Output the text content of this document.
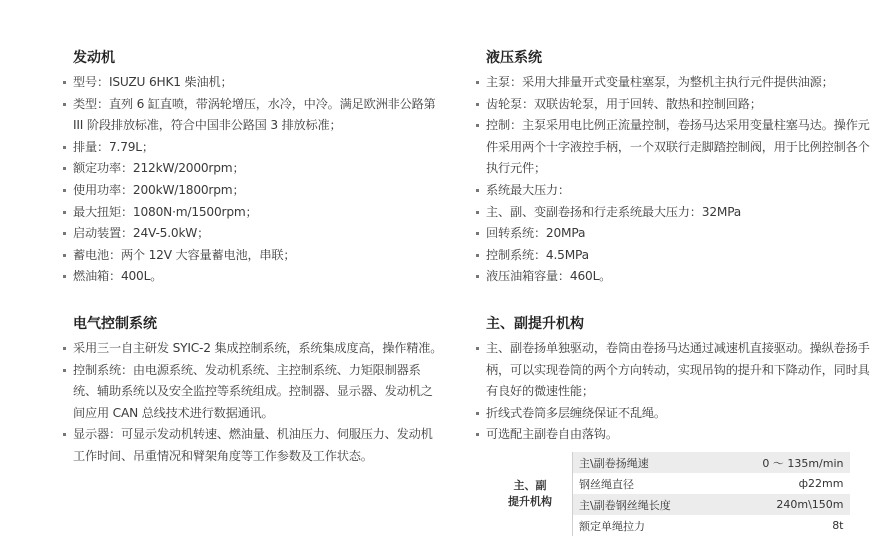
发动机
型号：ISUZU 6HK1 柴油机；
类型：直列 6 缸直喷，带涡轮增压，水冷，中冷。满足欧洲非公路第 III 阶段排放标准，符合中国非公路国 3 排放标准；
排量：7.79L；
额定功率：212kW/2000rpm；
使用功率：200kW/1800rpm；
最大扭矩：1080N·m/1500rpm；
启动装置：24V-5.0kW；
蓄电池：两个 12V 大容量蓄电池，串联；
燃油箱：400L。
电气控制系统
采用三一自主研发 SYIC-2 集成控制系统，系统集成度高，操作精准。
控制系统：由电源系统、发动机系统、主控制系统、力矩限制器系统、辅助系统以及安全监控等系统组成。控制器、显示器、发动机之间应用 CAN 总线技术进行数据通讯。
显示器：可显示发动机转速、燃油量、机油压力、伺服压力、发动机工作时间、吊重情况和臂架角度等工作参数及工作状态。
液压系统
主泵：采用大排量开式变量柱塞泵，为整机主执行元件提供油源；
齿轮泵：双联齿轮泵，用于回转、散热和控制回路；
控制：主泵采用电比例正流量控制，卷扬马达采用变量柱塞马达。操作元件采用两个十字液控手柄，一个双联行走脚踏控制阀，用于比例控制各个执行元件；
系统最大压力：
主、副、变副卷扬和行走系统最大压力：32MPa
回转系统：20MPa
控制系统：4.5MPa
液压油箱容量：460L。
主、副提升机构
主、副卷扬单独驱动，卷筒由卷扬马达通过减速机直接驱动。操纵卷扬手柄，可以实现卷筒的两个方向转动，实现吊钩的提升和下降动作，同时具有良好的微速性能；
折线式卷筒多层缠绕保证不乱绳。
可选配主副卷自由落钩。
主、副
提升机构	主\副卷扬绳速	0 ～ 135m/min
	钢丝绳直径	ф22mm
	主\副卷钢丝绳长度	240m\150m
	额定单绳拉力	8t
